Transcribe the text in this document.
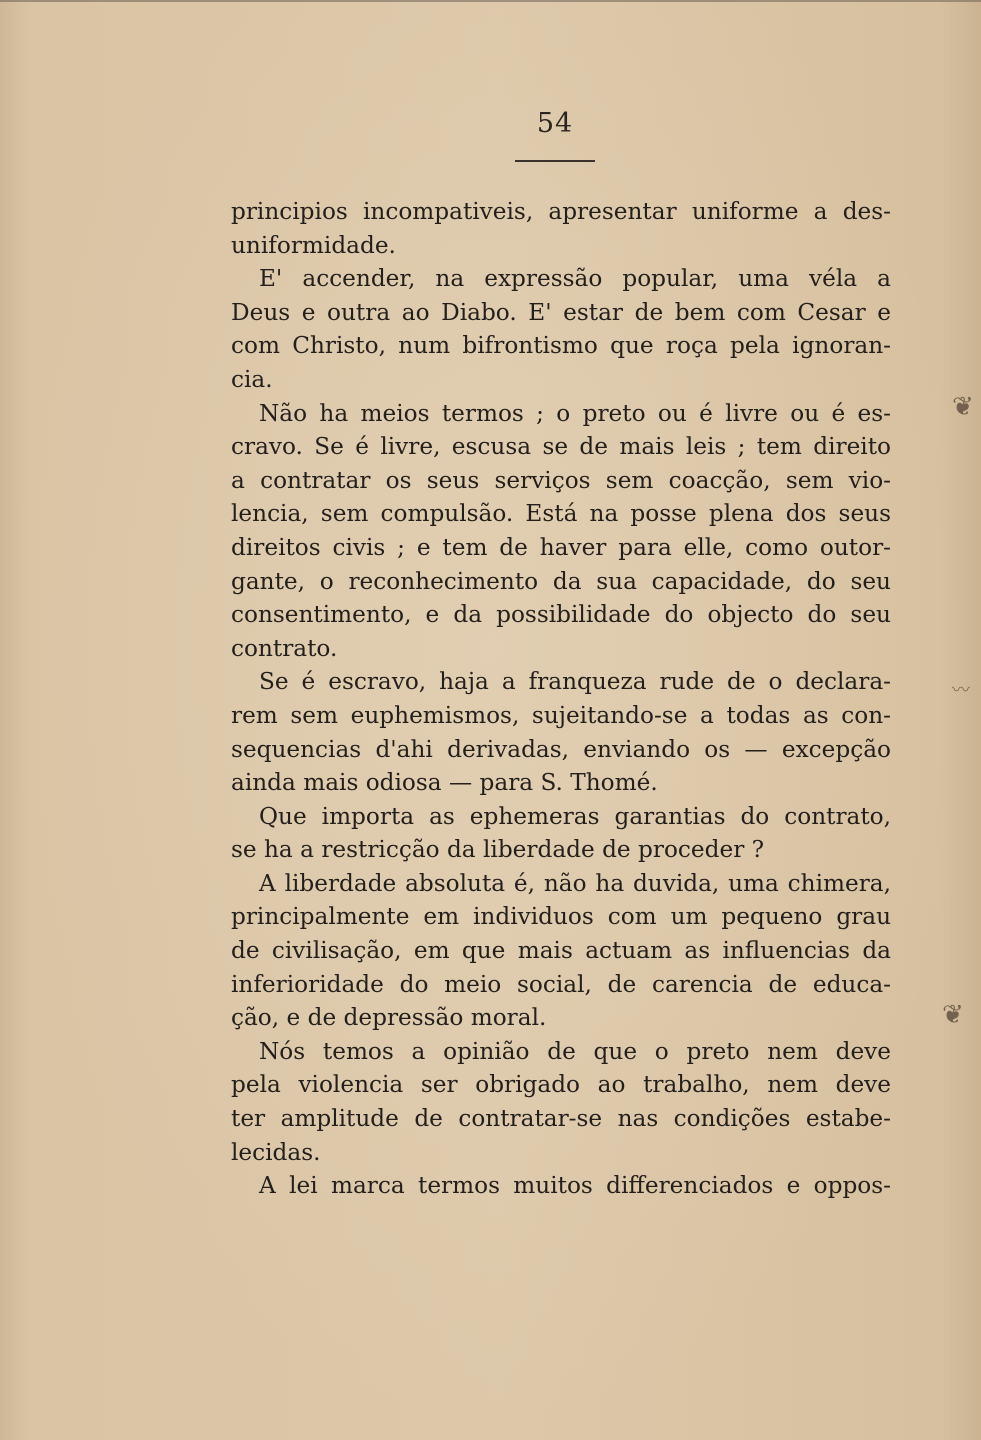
54
principios incompativeis, apresentar uniforme a des-
uniformidade.
E' accender, na expressão popular, uma véla a
Deus e outra ao Diabo. E' estar de bem com Cesar e
com Christo, num bifrontismo que roça pela ignoran-
cia.
Não ha meios termos ; o preto ou é livre ou é es-
cravo. Se é livre, escusa se de mais leis ; tem direito
a contratar os seus serviços sem coacção, sem vio-
lencia, sem compulsão. Está na posse plena dos seus
direitos civis ; e tem de haver para elle, como outor-
gante, o reconhecimento da sua capacidade, do seu
consentimento, e da possibilidade do objecto do seu
contrato.
Se é escravo, haja a franqueza rude de o declara-
rem sem euphemismos, sujeitando-se a todas as con-
sequencias d'ahi derivadas, enviando os — excepção
ainda mais odiosa — para S. Thomé.
Que importa as ephemeras garantias do contrato,
se ha a restricção da liberdade de proceder ?
A liberdade absoluta é, não ha duvida, uma chimera,
principalmente em individuos com um pequeno grau
de civilisação, em que mais actuam as influencias da
inferioridade do meio social, de carencia de educa-
ção, e de depressão moral.
Nós temos a opinião de que o preto nem deve
pela violencia ser obrigado ao trabalho, nem deve
ter amplitude de contratar-se nas condições estabe-
lecidas.
A lei marca termos muitos differenciados e oppos-
❦
〰
❦
